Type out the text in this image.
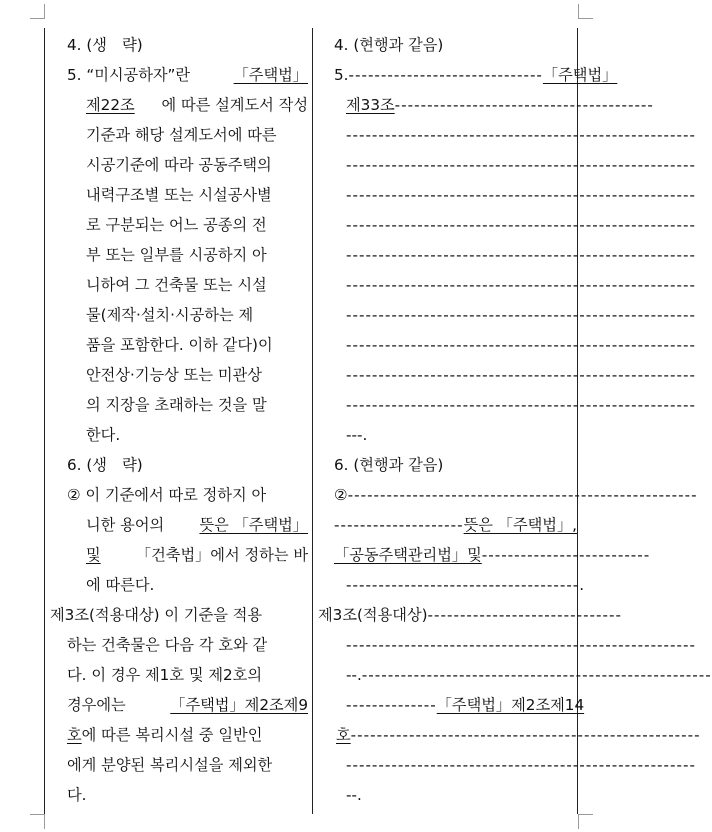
4. (생　략)

5. “미시공하자”란	「주택법」

제22조 에 따른 설계도서 작성

기준과 해당 설계도서에 따른

시공기준에 따라 공동주택의

내력구조별 또는 시설공사별

로 구분되는 어느 공종의 전

부 또는 일부를 시공하지 아

니하여 그 건축물 또는 시설

물(제작·설치·시공하는 제

품을 포함한다. 이하 같다)이

안전상·기능상 또는 미관상

의 지장을 초래하는 것을 말

한다.

6. (생　략)

② 이 기준에서 따로 정하지 아

니한 용어의 뜻은 「주택법」

및 「건축법」에서 정하는 바

에 따른다.

제3조(적용대상) 이 기준을 적용

하는 건축물은 다음 각 호와 같

다. 이 경우 제1호 및 제2호의

경우에는	「주택법」제2조제9

호에 따른 복리시설 중 일반인

에게 분양된 복리시설을 제외한

다.

4. (현행과 같음)

5. ------------------------------ 「주택법」

제33조 ----------------------------------------

------------------------------------------------------

------------------------------------------------------

------------------------------------------------------

------------------------------------------------------

------------------------------------------------------

------------------------------------------------------

------------------------------------------------------

------------------------------------------------------

------------------------------------------------------

------------------------------------------------------

---.

6. (현행과 같음)

② ------------------------------------------------------

-------------------- 뜻은 「주택법」,

「공동주택관리법」및 --------------------------

------------------------------------ .

제3조(적용대상) ------------------------------

------------------------------------------------------

--. ------------------------------------------------------

-------------- 「주택법」제2조제14

호 ------------------------------------------------------

------------------------------------------------------

--.
